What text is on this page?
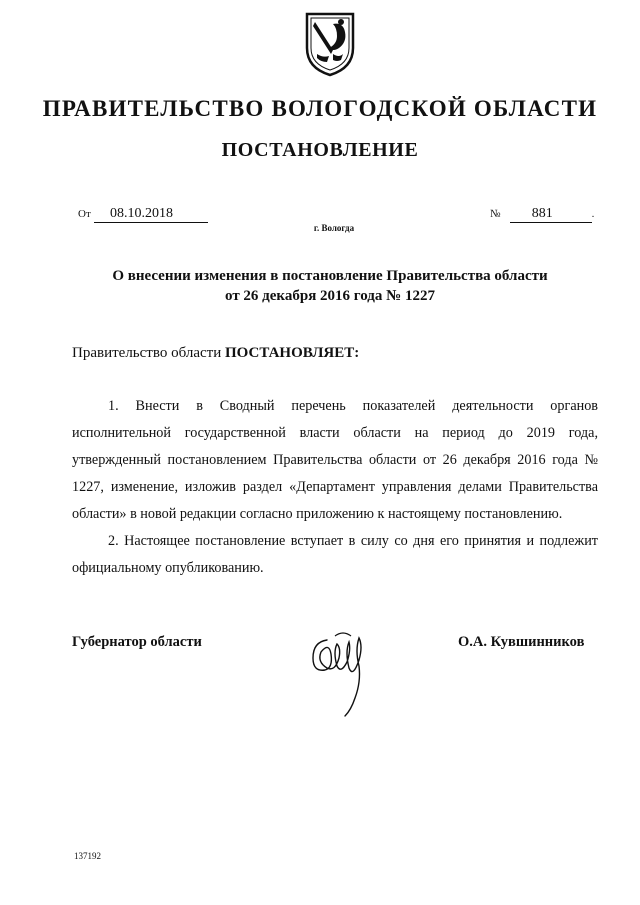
ПРАВИТЕЛЬСТВО ВОЛОГОДСКОЙ ОБЛАСТИ
ПОСТАНОВЛЕНИЕ
От 08.10.2018	№ 881	.
г. Вологда
О внесении изменения в постановление Правительства области
от 26 декабря 2016 года № 1227
Правительство области ПОСТАНОВЛЯЕТ:

1. Внести в Сводный перечень показателей деятельности органов исполнительной государственной власти области на период до 2019 года, утвержденный постановлением Правительства области от 26 декабря 2016 года № 1227, изменение, изложив раздел «Департамент управления делами Правительства области» в новой редакции согласно приложению к настоящему постановлению.

2. Настоящее постановление вступает в силу со дня его принятия и подлежит официальному опубликованию.

Губернатор области	О.А. Кувшинников
137192
